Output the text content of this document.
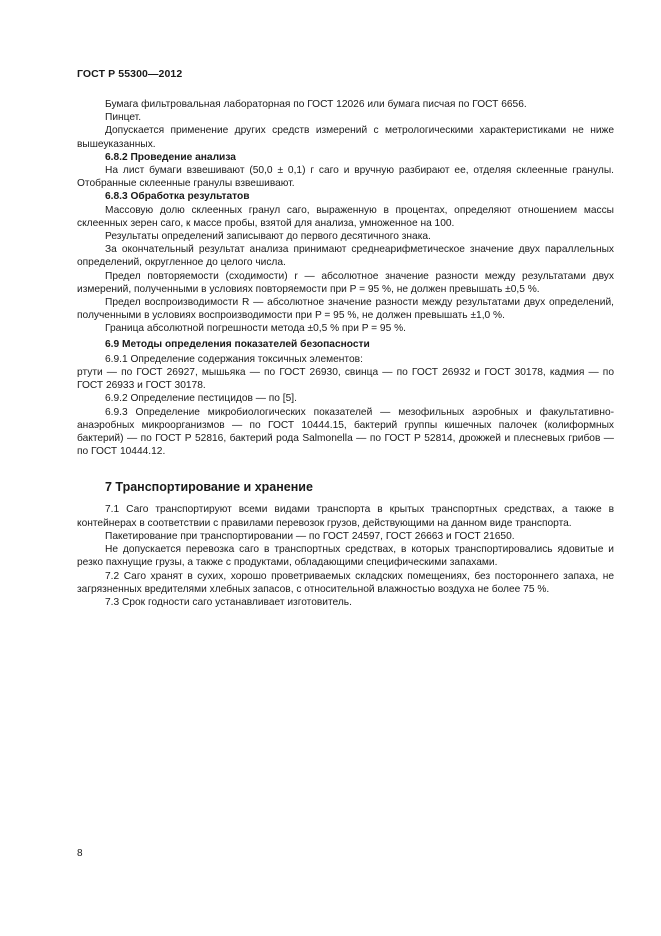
ГОСТ Р 55300—2012

Бумага фильтровальная лабораторная по ГОСТ 12026 или бумага писчая по ГОСТ 6656.

Пинцет.

Допускается применение других средств измерений с метрологическими характеристиками не ниже вышеуказанных.

6.8.2 Проведение анализа

На лист бумаги взвешивают (50,0 ± 0,1) г саго и вручную разбирают ее, отделяя склеенные гранулы. Отобранные склеенные гранулы взвешивают.

6.8.3 Обработка результатов

Массовую долю склеенных гранул саго, выраженную в процентах, определяют отношением массы склеенных зерен саго, к массе пробы, взятой для анализа, умноженное на 100.

Результаты определений записывают до первого десятичного знака.

За окончательный результат анализа принимают среднеарифметическое значение двух параллельных определений, округленное до целого числа.

Предел повторяемости (сходимости) r — абсолютное значение разности между результатами двух измерений, полученными в условиях повторяемости при P = 95 %, не должен превышать ±0,5 %.

Предел воспроизводимости R — абсолютное значение разности между результатами двух определений, полученными в условиях воспроизводимости при P = 95 %, не должен превышать ±1,0 %.

Граница абсолютной погрешности метода ±0,5 % при P = 95 %.

6.9 Методы определения показателей безопасности

6.9.1 Определение содержания токсичных элементов:

ртути — по ГОСТ 26927, мышьяка — по ГОСТ 26930, свинца — по ГОСТ 26932 и ГОСТ 30178, кадмия — по ГОСТ 26933 и ГОСТ 30178.

6.9.2 Определение пестицидов — по [5].

6.9.3 Определение микробиологических показателей — мезофильных аэробных и факультативно-анаэробных микроорганизмов — по ГОСТ 10444.15, бактерий группы кишечных палочек (колиформных бактерий) — по ГОСТ Р 52816, бактерий рода Salmonella — по ГОСТ Р 52814, дрожжей и плесневых грибов — по ГОСТ 10444.12.

7 Транспортирование и хранение

7.1 Саго транспортируют всеми видами транспорта в крытых транспортных средствах, а также в контейнерах в соответствии с правилами перевозок грузов, действующими на данном виде транспорта.

Пакетирование при транспортировании — по ГОСТ 24597, ГОСТ 26663 и ГОСТ 21650.

Не допускается перевозка саго в транспортных средствах, в которых транспортировались ядовитые и резко пахнущие грузы, а также с продуктами, обладающими специфическими запахами.

7.2 Саго хранят в сухих, хорошо проветриваемых складских помещениях, без постороннего запаха, не загрязненных вредителями хлебных запасов, с относительной влажностью воздуха не более 75 %.

7.3 Срок годности саго устанавливает изготовитель.

8
